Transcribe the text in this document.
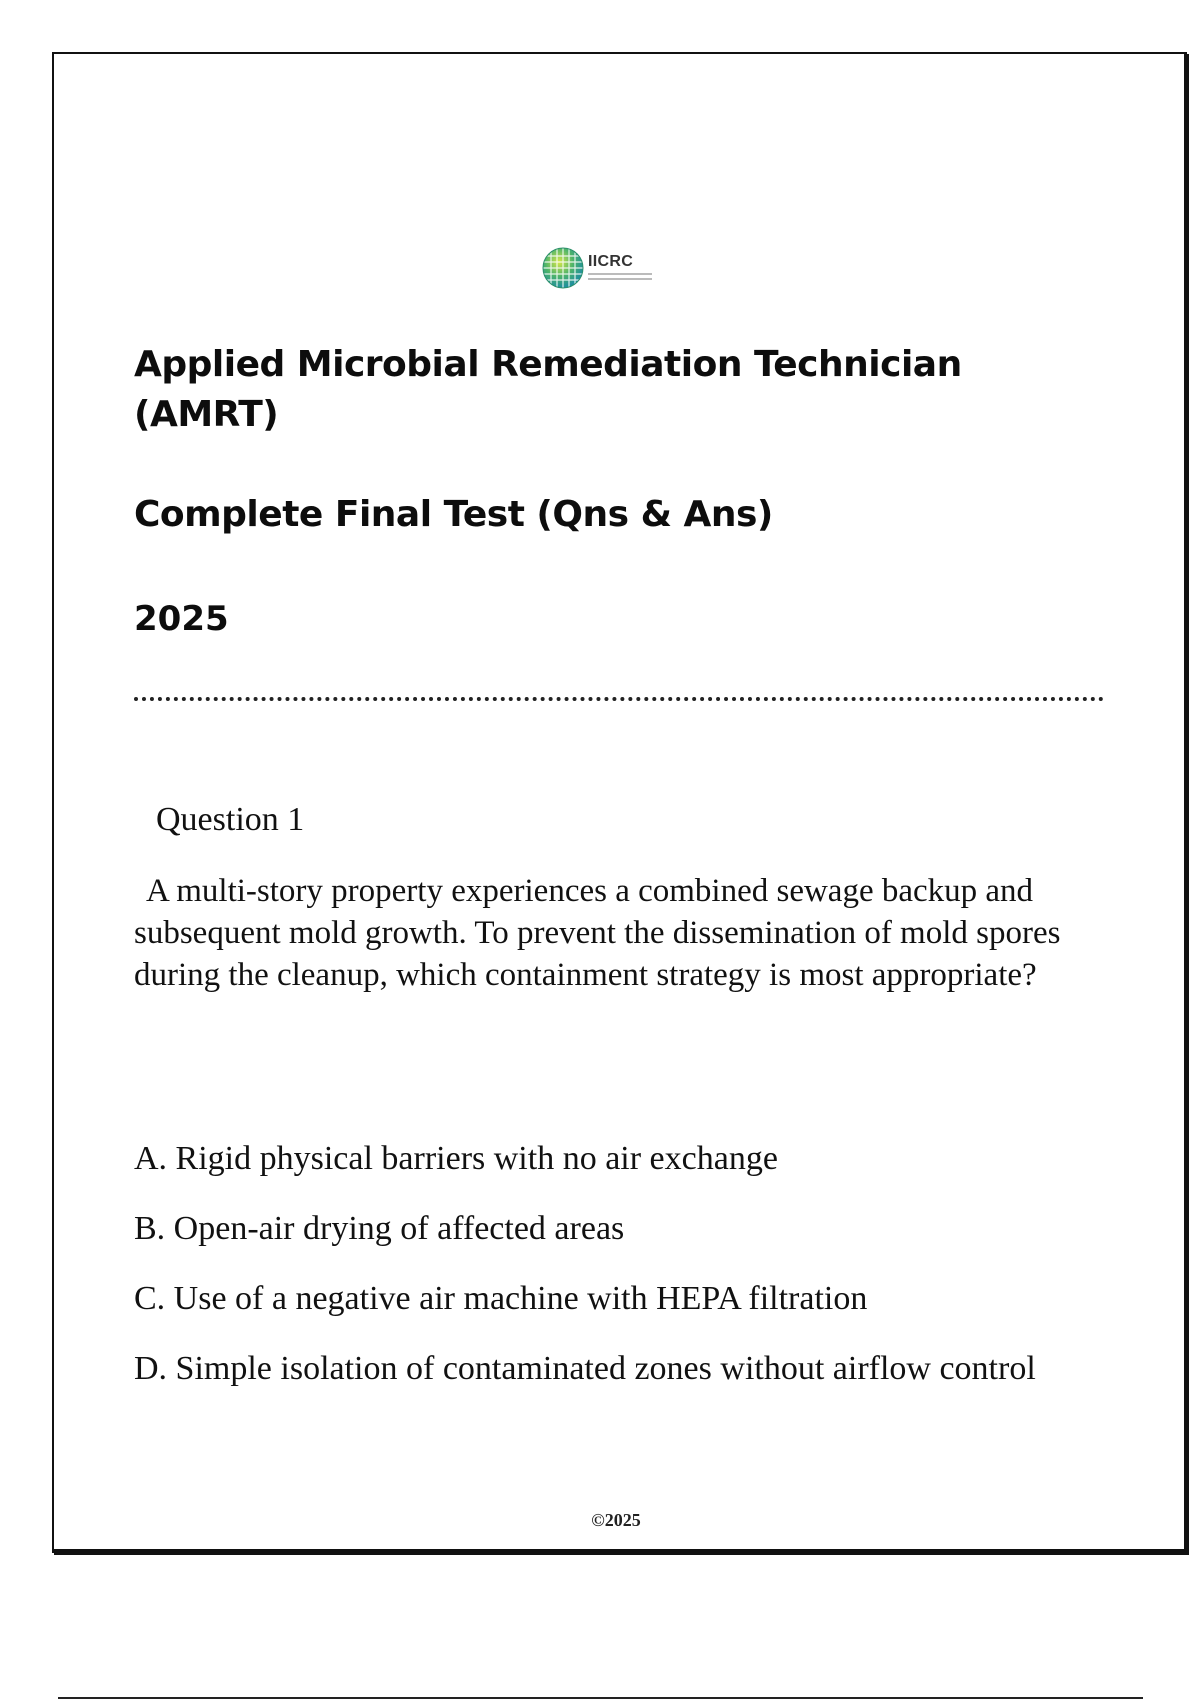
IICRC
Applied Microbial Remediation Technician (AMRT)
Complete Final Test (Qns & Ans)
2025
Question 1

A multi-story property experiences a combined sewage backup and subsequent mold growth. To prevent the dissemination of mold spores during the cleanup, which containment strategy is most appropriate?

A. Rigid physical barriers with no air exchange
B. Open-air drying of affected areas
C. Use of a negative air machine with HEPA filtration
D. Simple isolation of contaminated zones without airflow control
©2025
